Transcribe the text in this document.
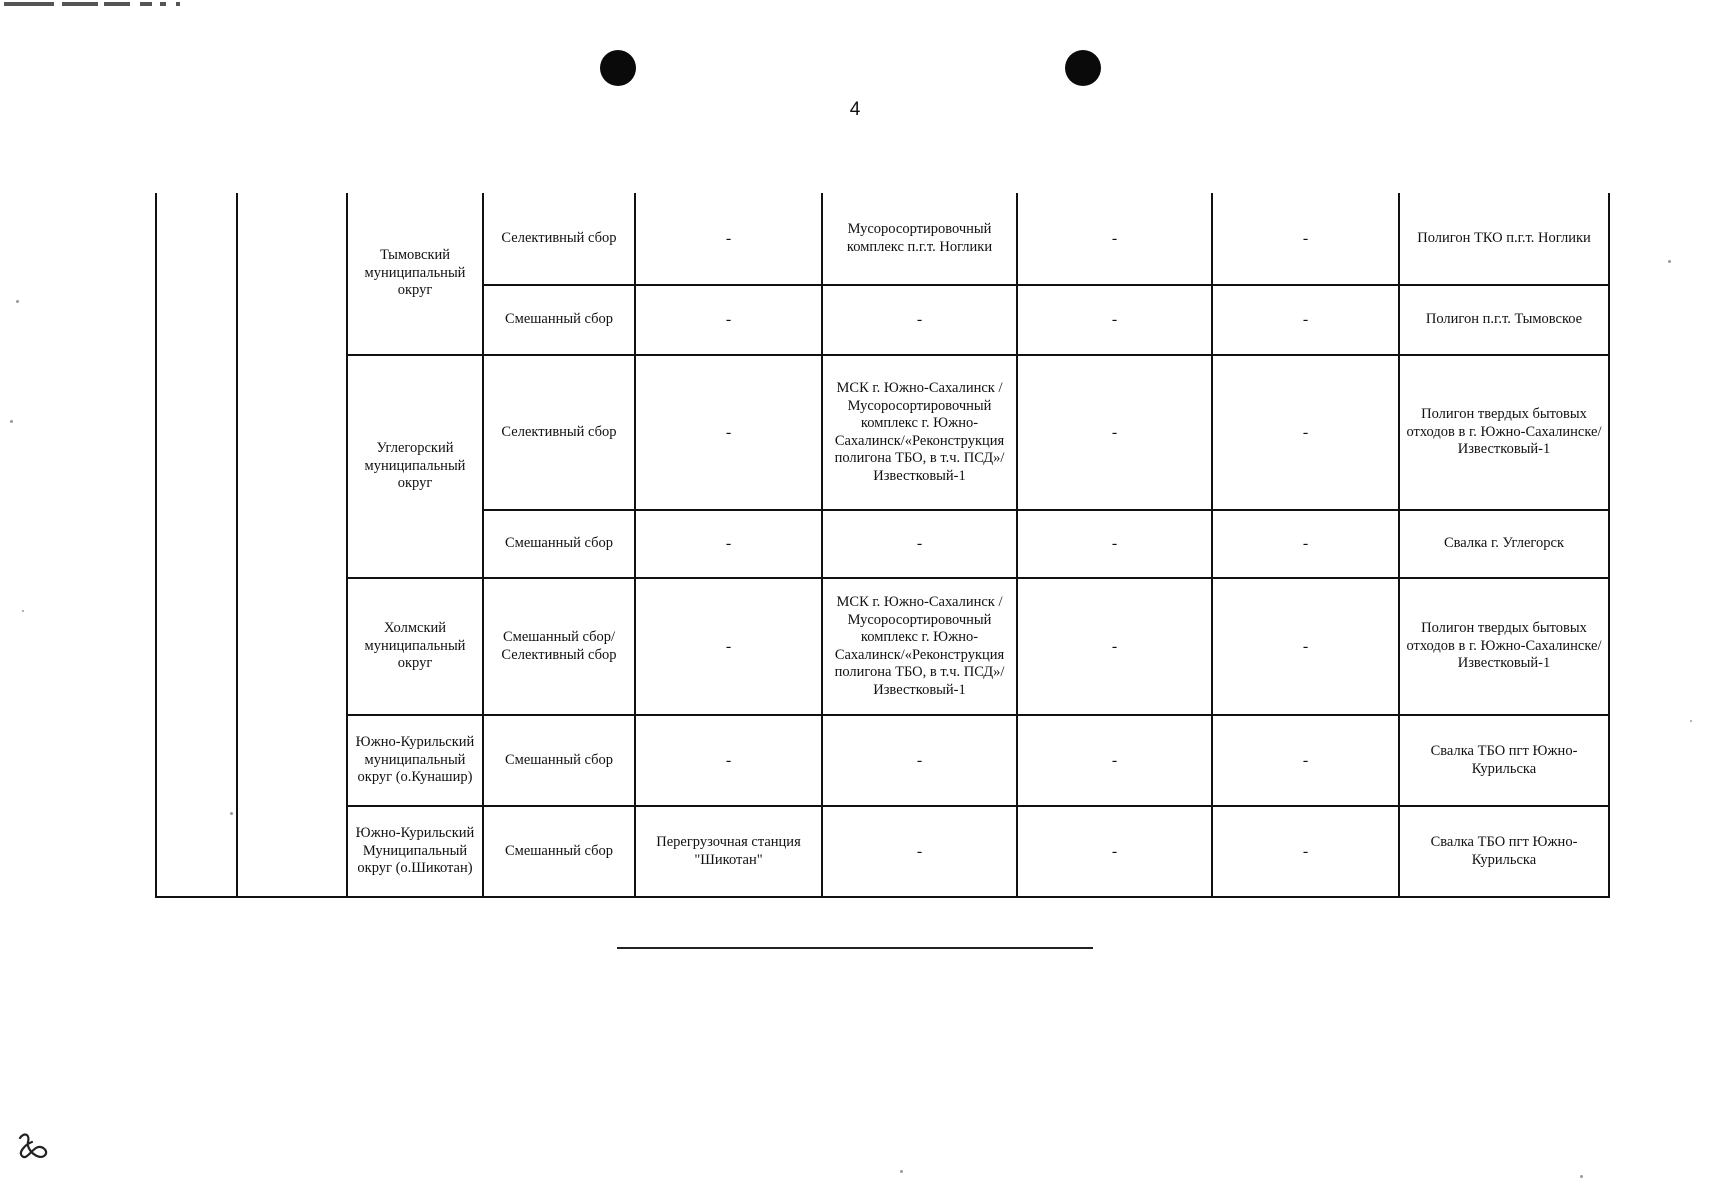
4
		Тымовский муниципальный округ	Селективный сбор	-	Мусоросортировочный комплекс п.г.т. Ноглики	-	-	Полигон ТКО п.г.т. Ноглики
			Смешанный сбор	-	-	-	-	Полигон п.г.т. Тымовское
		Углегорский муниципальный округ	Селективный сбор	-	МСК г. Южно-Сахалинск / Мусоросортировочный комплекс г. Южно-Сахалинск/«Реконструкция полигона ТБО, в т.ч. ПСД»/Известковый-1	-	-	Полигон твердых бытовых отходов в г. Южно-Сахалинске/Известковый-1
			Смешанный сбор	-	-	-	-	Свалка г. Углегорск
		Холмский муниципальный округ	Смешанный сбор/ Селективный сбор	-	МСК г. Южно-Сахалинск / Мусоросортировочный комплекс г. Южно-Сахалинск/«Реконструкция полигона ТБО, в т.ч. ПСД»/Известковый-1	-	-	Полигон твердых бытовых отходов в г. Южно-Сахалинске/Известковый-1
		Южно-Курильский муниципальный округ (о.Кунашир)	Смешанный сбор	-	-	-	-	Свалка ТБО пгт Южно-Курильска
		Южно-Курильский Муниципальный округ (о.Шикотан)	Смешанный сбор	Перегрузочная станция "Шикотан"	-	-	-	Свалка ТБО пгт Южно-Курильска
